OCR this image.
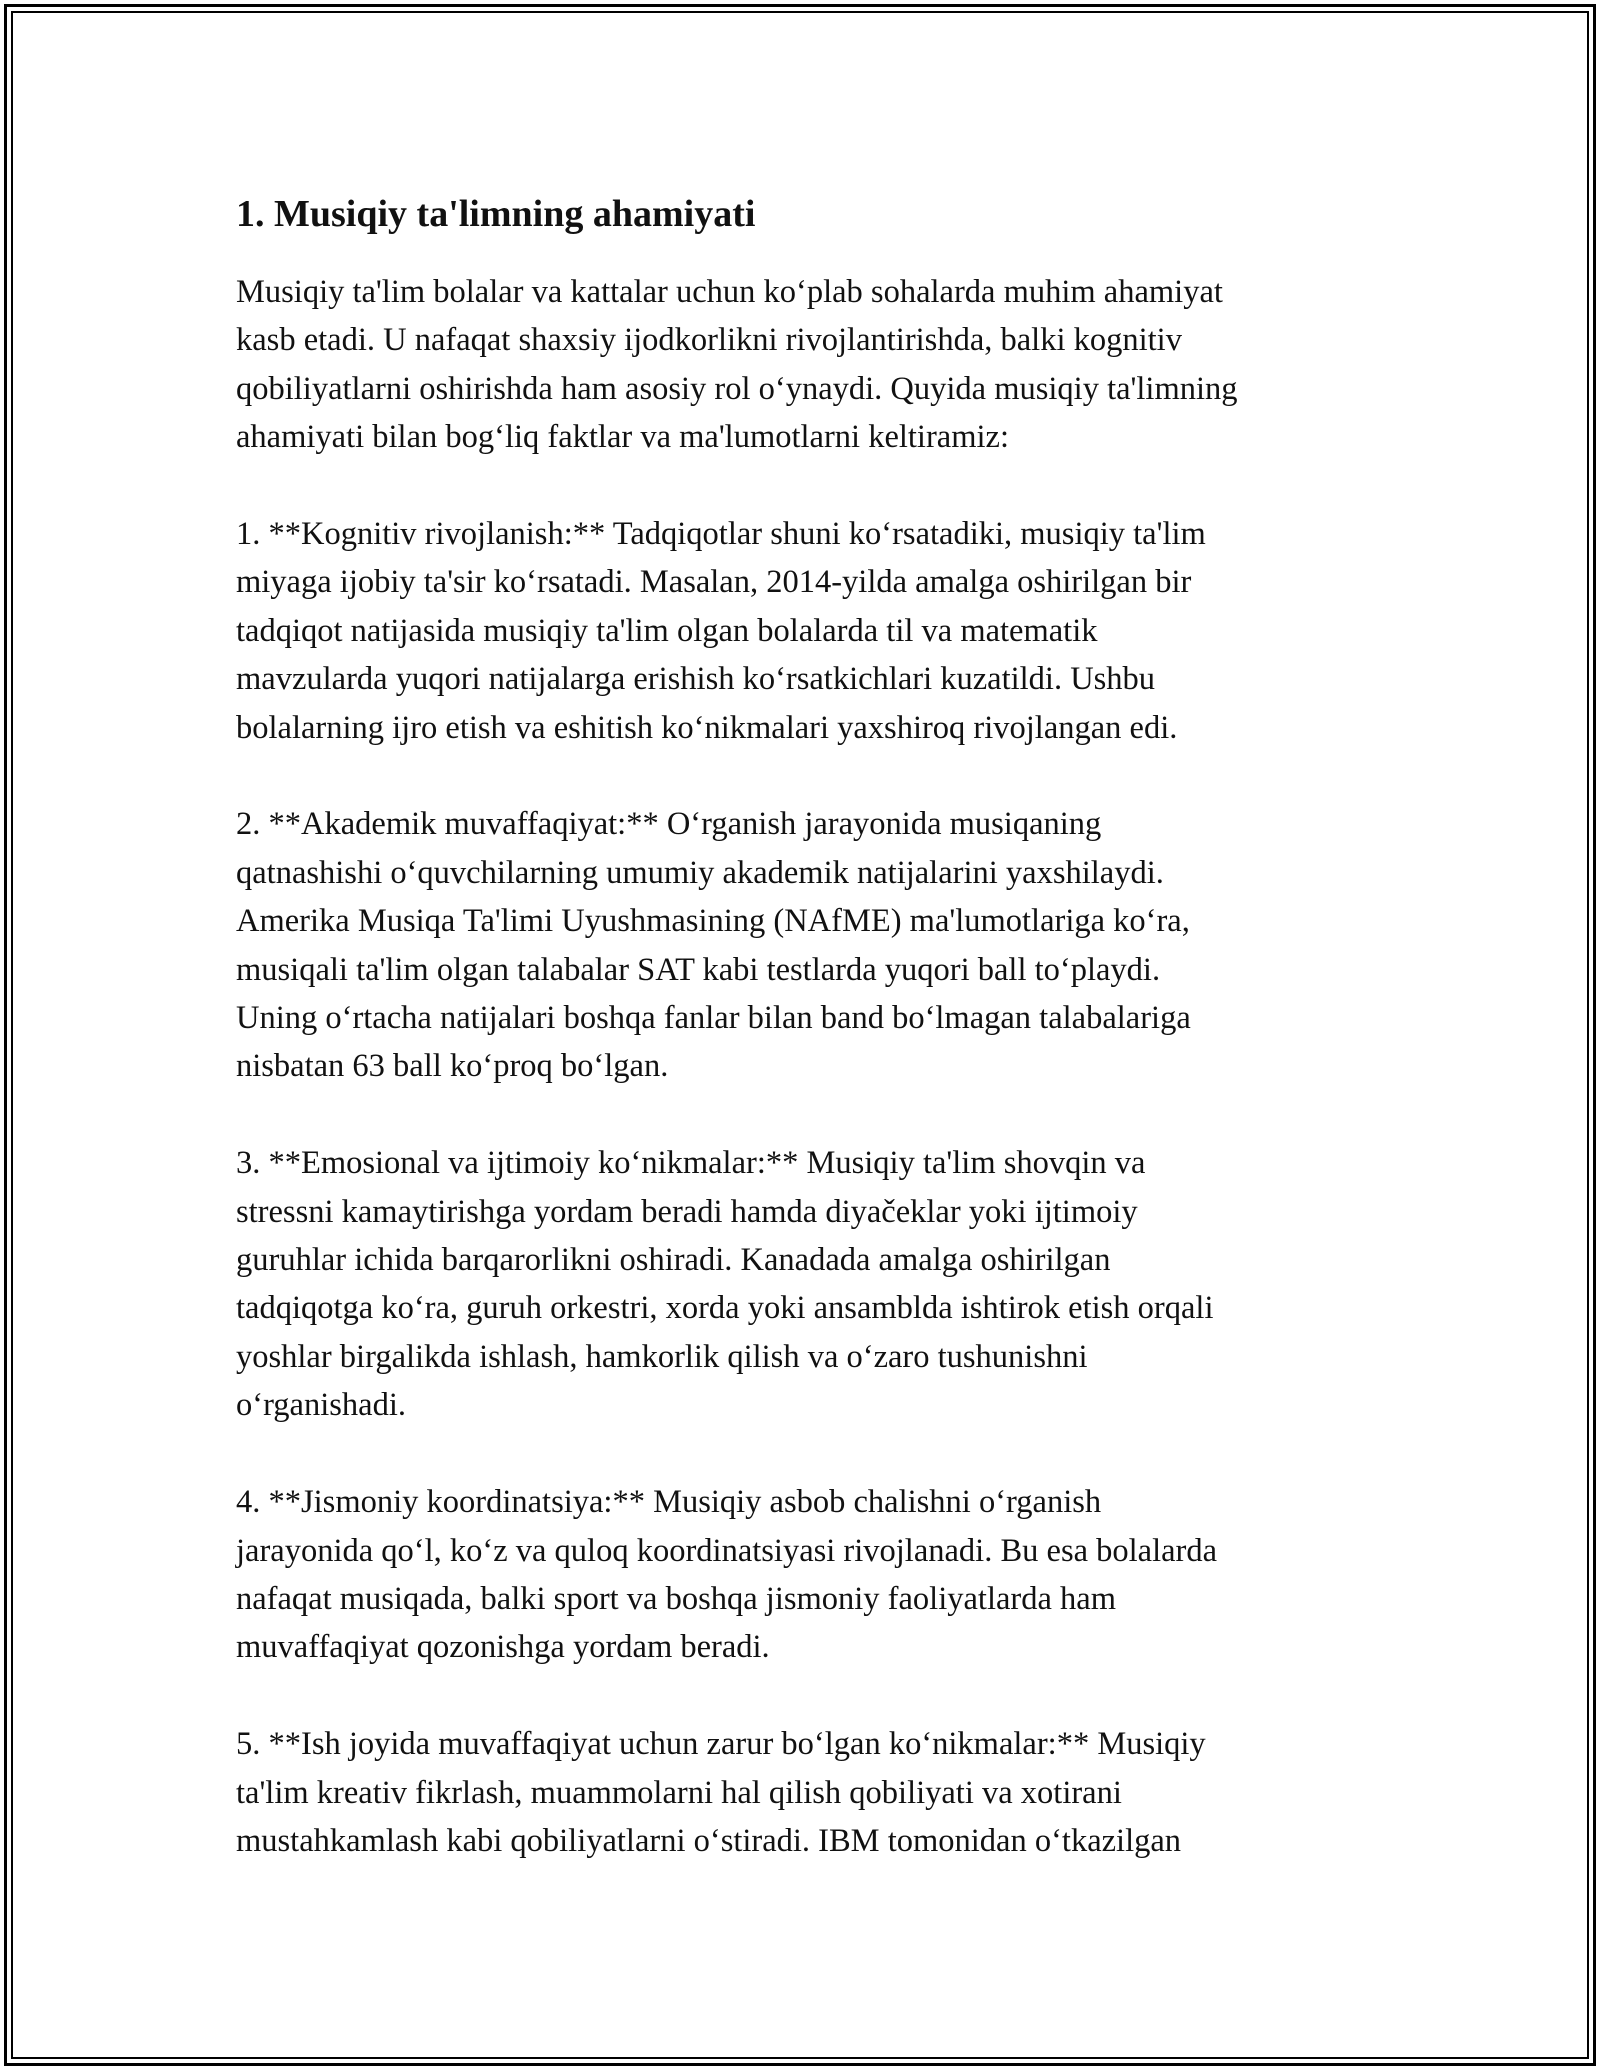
1. Musiqiy ta'limning ahamiyati

Musiqiy ta'lim bolalar va kattalar uchun koʻplab sohalarda muhim ahamiyat
kasb etadi. U nafaqat shaxsiy ijodkorlikni rivojlantirishda, balki kognitiv
qobiliyatlarni oshirishda ham asosiy rol oʻynaydi. Quyida musiqiy ta'limning
ahamiyati bilan bogʻliq faktlar va ma'lumotlarni keltiramiz:

1. **Kognitiv rivojlanish:** Tadqiqotlar shuni koʻrsatadiki, musiqiy ta'lim
miyaga ijobiy ta'sir koʻrsatadi. Masalan, 2014-yilda amalga oshirilgan bir
tadqiqot natijasida musiqiy ta'lim olgan bolalarda til va matematik
mavzularda yuqori natijalarga erishish koʻrsatkichlari kuzatildi. Ushbu
bolalarning ijro etish va eshitish koʻnikmalari yaxshiroq rivojlangan edi.

2. **Akademik muvaffaqiyat:** Oʻrganish jarayonida musiqaning
qatnashishi oʻquvchilarning umumiy akademik natijalarini yaxshilaydi.
Amerika Musiqa Ta'limi Uyushmasining (NAfME) ma'lumotlariga koʻra,
musiqali ta'lim olgan talabalar SAT kabi testlarda yuqori ball toʻplaydi.
Uning oʻrtacha natijalari boshqa fanlar bilan band boʻlmagan talabalariga
nisbatan 63 ball koʻproq boʻlgan.

3. **Emosional va ijtimoiy koʻnikmalar:** Musiqiy ta'lim shovqin va
stressni kamaytirishga yordam beradi hamda diyačeklar yoki ijtimoiy
guruhlar ichida barqarorlikni oshiradi. Kanadada amalga oshirilgan
tadqiqotga koʻra, guruh orkestri, xorda yoki ansamblda ishtirok etish orqali
yoshlar birgalikda ishlash, hamkorlik qilish va oʻzaro tushunishni
oʻrganishadi.

4. **Jismoniy koordinatsiya:** Musiqiy asbob chalishni oʻrganish
jarayonida qoʻl, koʻz va quloq koordinatsiyasi rivojlanadi. Bu esa bolalarda
nafaqat musiqada, balki sport va boshqa jismoniy faoliyatlarda ham
muvaffaqiyat qozonishga yordam beradi.

5. **Ish joyida muvaffaqiyat uchun zarur boʻlgan koʻnikmalar:** Musiqiy
ta'lim kreativ fikrlash, muammolarni hal qilish qobiliyati va xotirani
mustahkamlash kabi qobiliyatlarni oʻstiradi. IBM tomonidan oʻtkazilgan
